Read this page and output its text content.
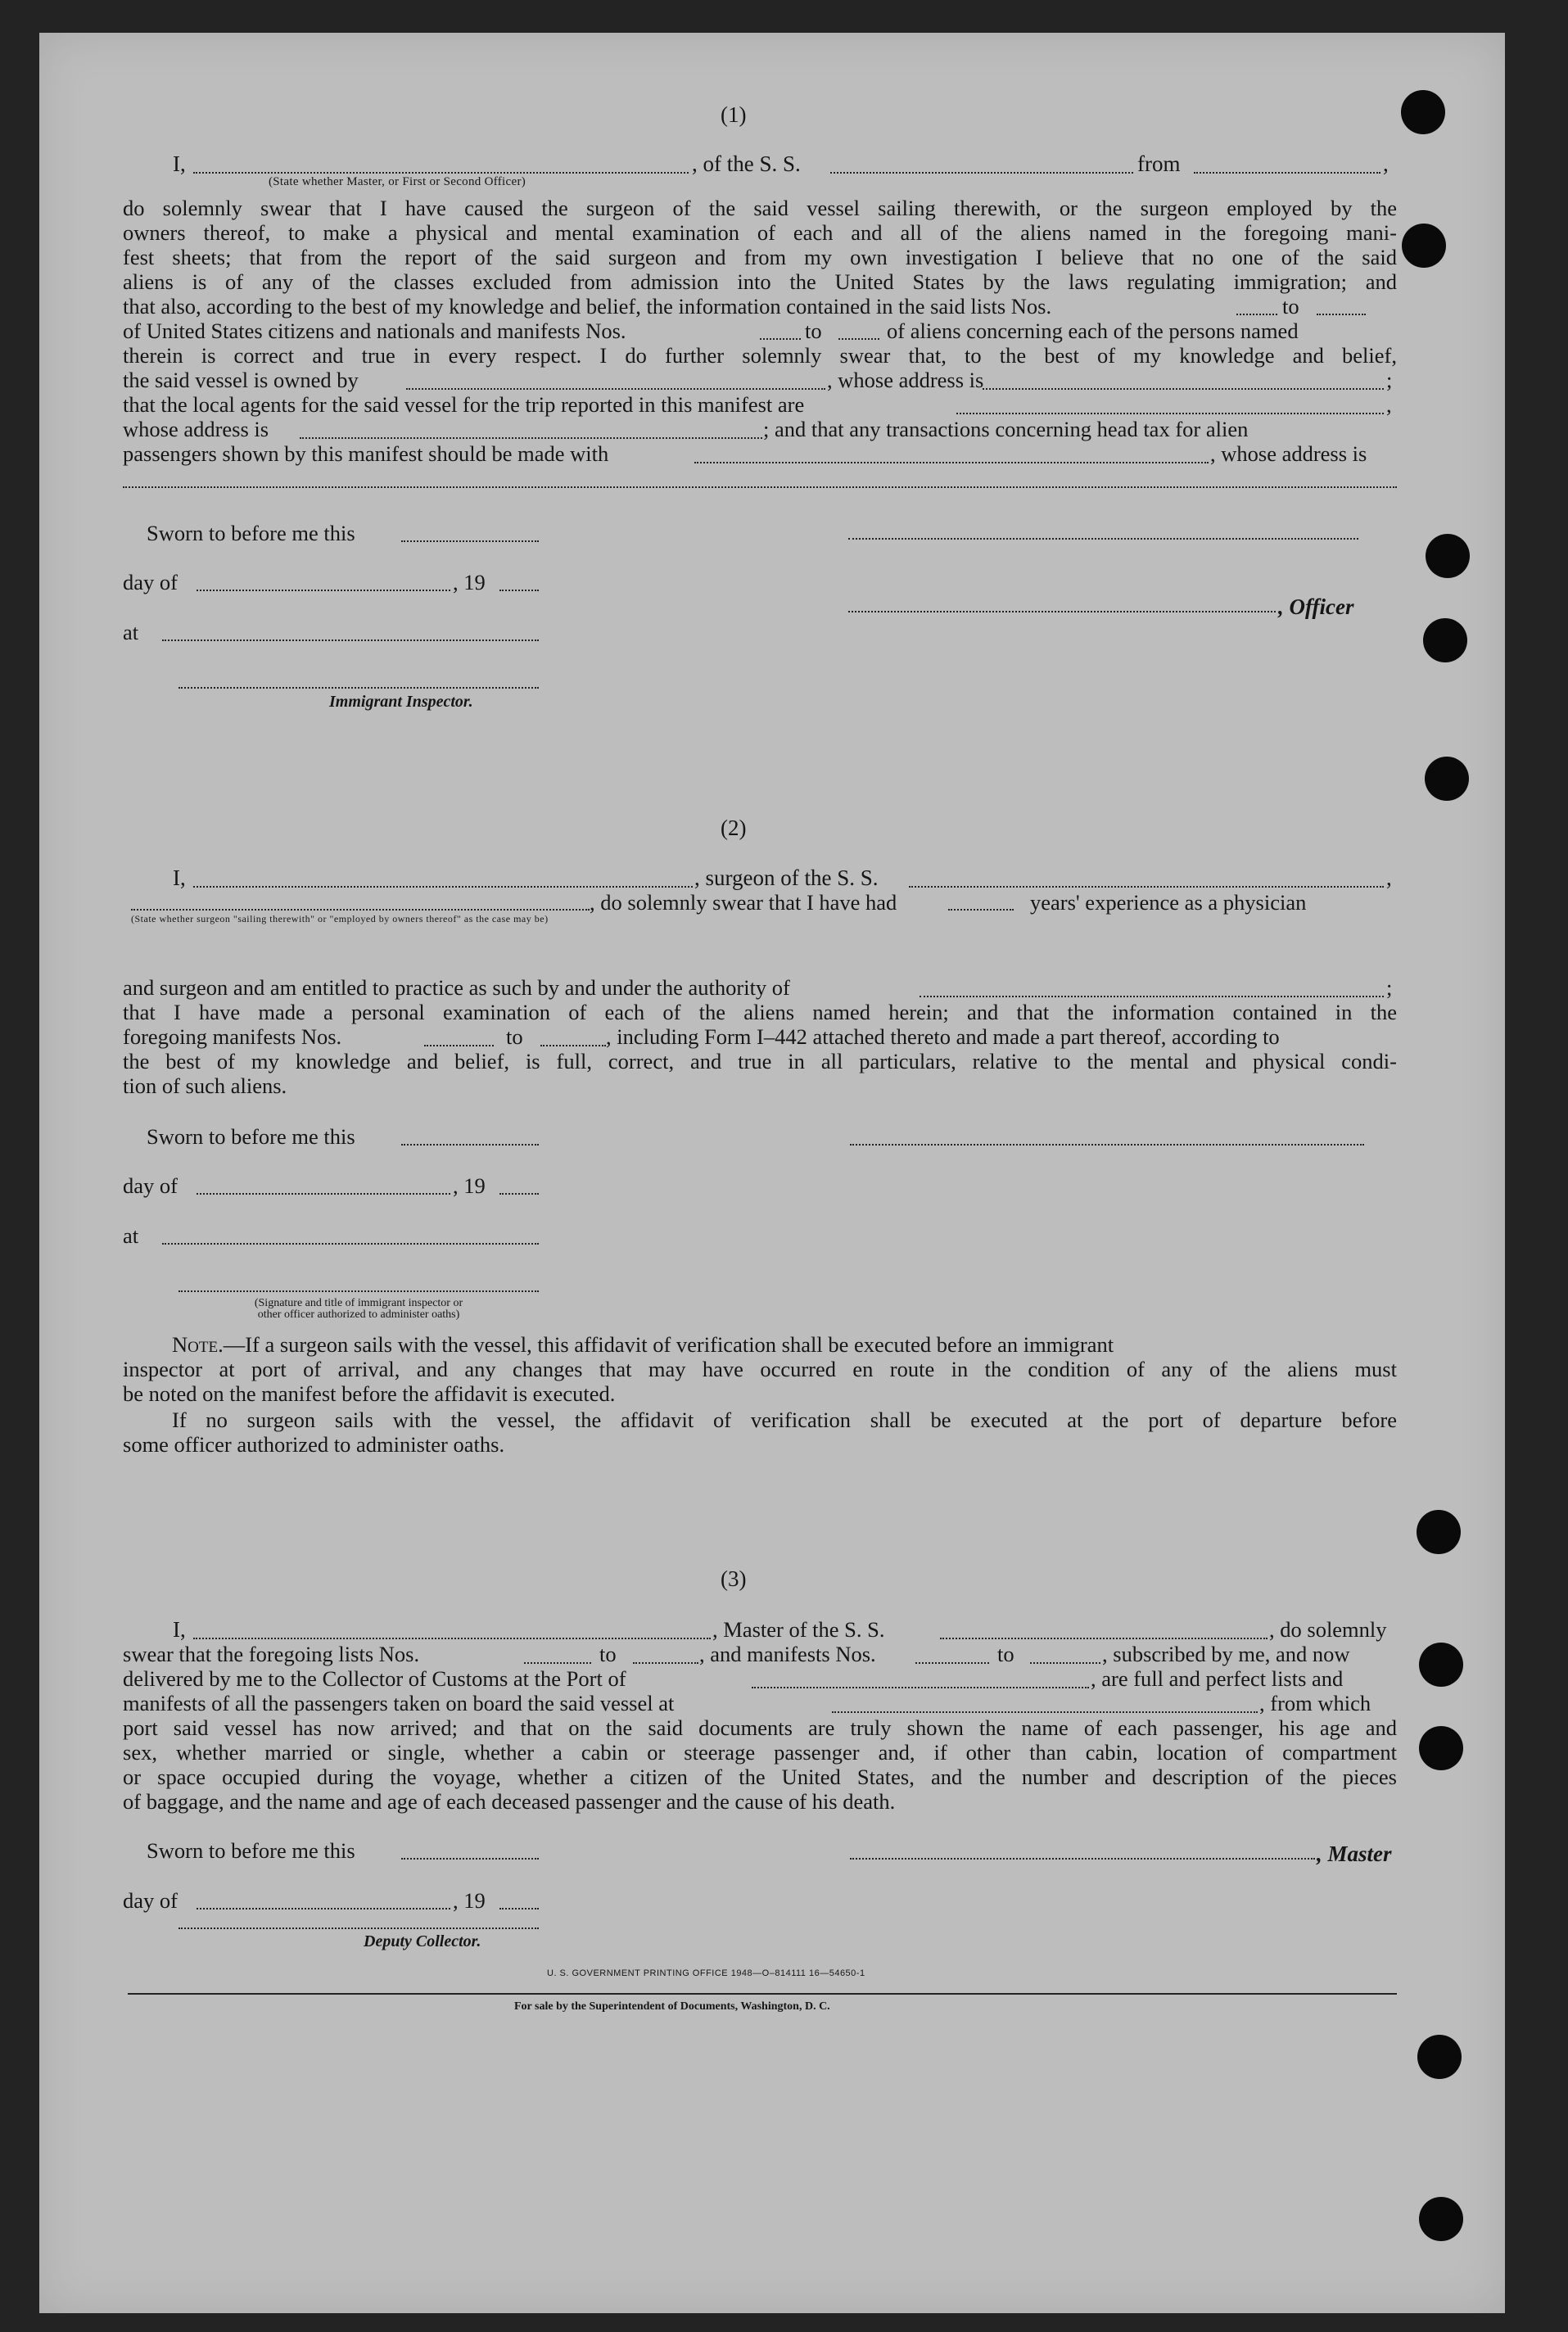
(1)
I,	, of the S. S.	from	,
(State whether Master, or First or Second Officer)
do solemnly swear that I have caused the surgeon of the said vessel sailing therewith, or the surgeon employed by the
owners thereof, to make a physical and mental examination of each and all of the aliens named in the foregoing mani-
fest sheets; that from the report of the said surgeon and from my own investigation I believe that no one of the said
aliens is of any of the classes excluded from admission into the United States by the laws regulating immigration; and
that also, according to the best of my knowledge and belief, the information contained in the said lists Nos.	to
of United States citizens and nationals and manifests Nos.	to	of aliens concerning each of the persons named
therein is correct and true in every respect. I do further solemnly swear that, to the best of my knowledge and belief,
the said vessel is owned by	, whose address is	;
that the local agents for the said vessel for the trip reported in this manifest are	,
whose address is	; and that any transactions concerning head tax for alien
passengers shown by this manifest should be made with	, whose address is
Sworn to before me this
day of	, 19
, Officer
at
Immigrant Inspector.
(2)
I,	, surgeon of the S. S.	,
, do solemnly swear that I have had	years' experience as a physician
(State whether surgeon "sailing therewith" or "employed by owners thereof" as the case may be)
and surgeon and am entitled to practice as such by and under the authority of	;
that I have made a personal examination of each of the aliens named herein; and that the information contained in the
foregoing manifests Nos.	to	, including Form I–442 attached thereto and made a part thereof, according to
the best of my knowledge and belief, is full, correct, and true in all particulars, relative to the mental and physical condi-
tion of such aliens.
Sworn to before me this
day of	, 19
at
(Signature and title of immigrant inspector or
other officer authorized to administer oaths)
Note.—If a surgeon sails with the vessel, this affidavit of verification shall be executed before an immigrant
inspector at port of arrival, and any changes that may have occurred en route in the condition of any of the aliens must
be noted on the manifest before the affidavit is executed.
If no surgeon sails with the vessel, the affidavit of verification shall be executed at the port of departure before
some officer authorized to administer oaths.
(3)
I,	, Master of the S. S.	, do solemnly
swear that the foregoing lists Nos.	to	, and manifests Nos.	to	, subscribed by me, and now
delivered by me to the Collector of Customs at the Port of	, are full and perfect lists and
manifests of all the passengers taken on board the said vessel at	, from which
port said vessel has now arrived; and that on the said documents are truly shown the name of each passenger, his age and
sex, whether married or single, whether a cabin or steerage passenger and, if other than cabin, location of compartment
or space occupied during the voyage, whether a citizen of the United States, and the number and description of the pieces
of baggage, and the name and age of each deceased passenger and the cause of his death.
Sworn to before me this	, Master
day of	, 19
Deputy Collector.
U. S. GOVERNMENT PRINTING OFFICE 1948—O–814111 16—54650-1
For sale by the Superintendent of Documents, Washington, D. C.
